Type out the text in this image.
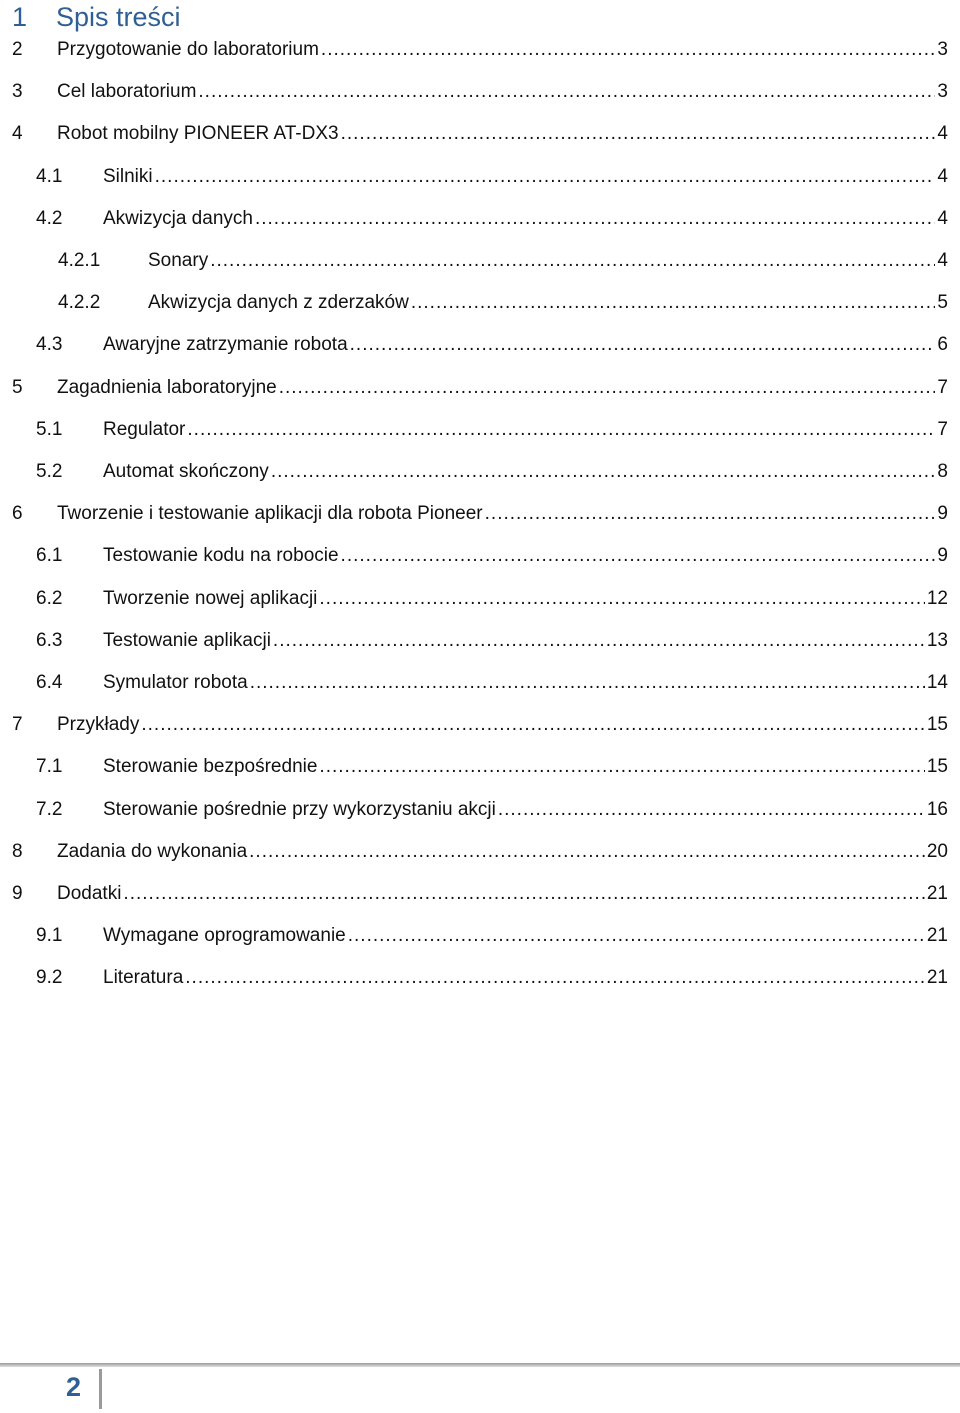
1	Spis treści
2 Przygotowanie do laboratorium .....	3
3 Cel laboratorium .....	3
4 Robot mobilny PIONEER AT-DX3 .....	4
4.1 Silniki .....	4
4.2 Akwizycja danych .....	4
4.2.1	Sonary .....	4
4.2.2	Akwizycja danych z zderzaków .....	5
4.3 Awaryjne zatrzymanie robota .....	6
5 Zagadnienia laboratoryjne .....	7
5.1 Regulator .....	7
5.2 Automat skończony .....	8
6 Tworzenie i testowanie aplikacji dla robota Pioneer .....	9
6.1 Testowanie kodu na robocie .....	9
6.2 Tworzenie nowej aplikacji .....	12
6.3 Testowanie aplikacji .....	13
6.4 Symulator robota .....	14
7 Przykłady .....	15
7.1 Sterowanie bezpośrednie .....	15
7.2 Sterowanie pośrednie przy wykorzystaniu akcji .....	16
8 Zadania do wykonania .....	20
9 Dodatki .....	21
9.1 Wymagane oprogramowanie .....	21
9.2 Literatura .....	21
2
